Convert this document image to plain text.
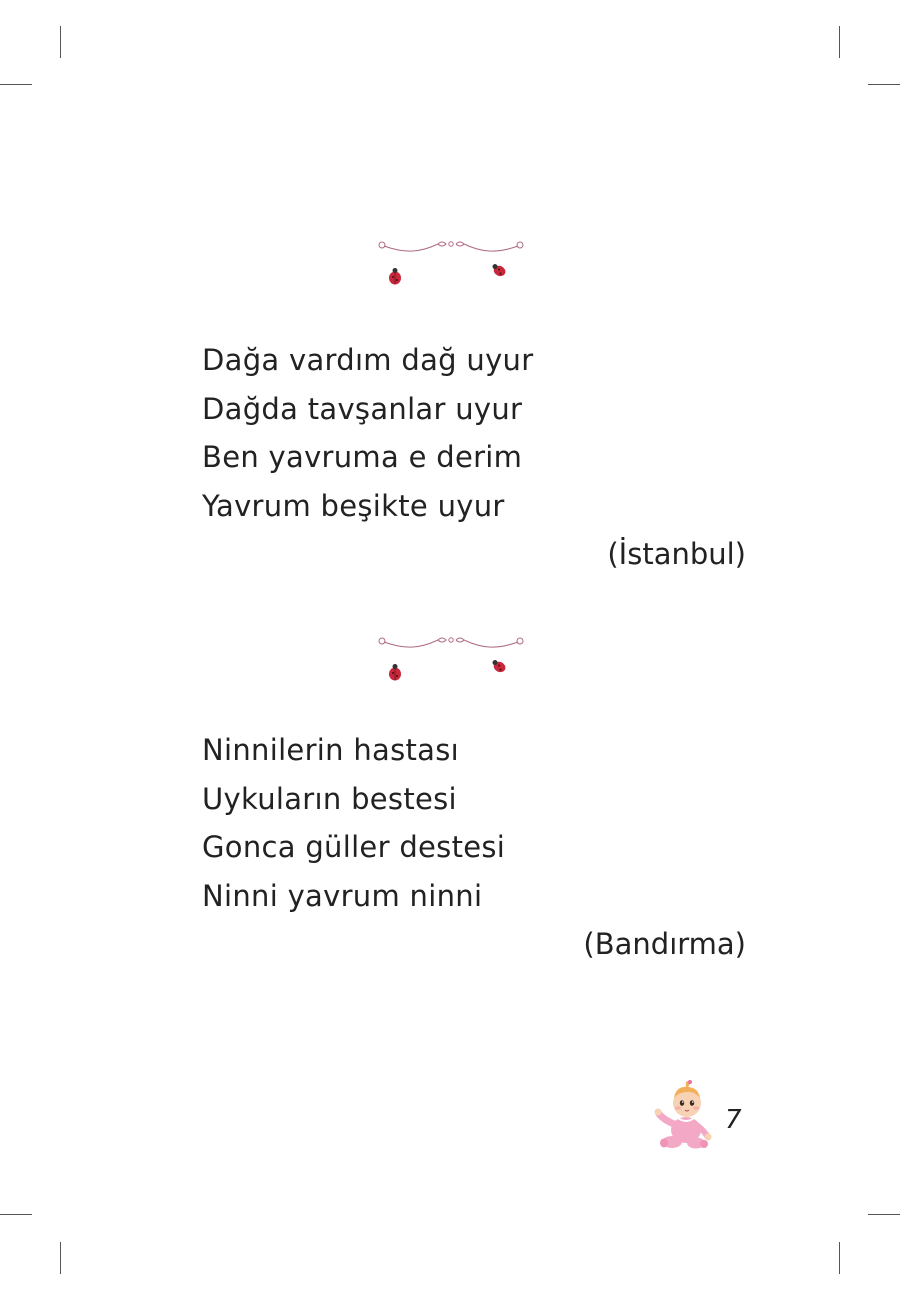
Dağa vardım dağ uyur

Dağda tavşanlar uyur

Ben yavruma e derim

Yavrum beşikte uyur

(İstanbul)

Ninnilerin hastası

Uykuların bestesi

Gonca güller destesi

Ninni yavrum ninni

(Bandırma)
7
